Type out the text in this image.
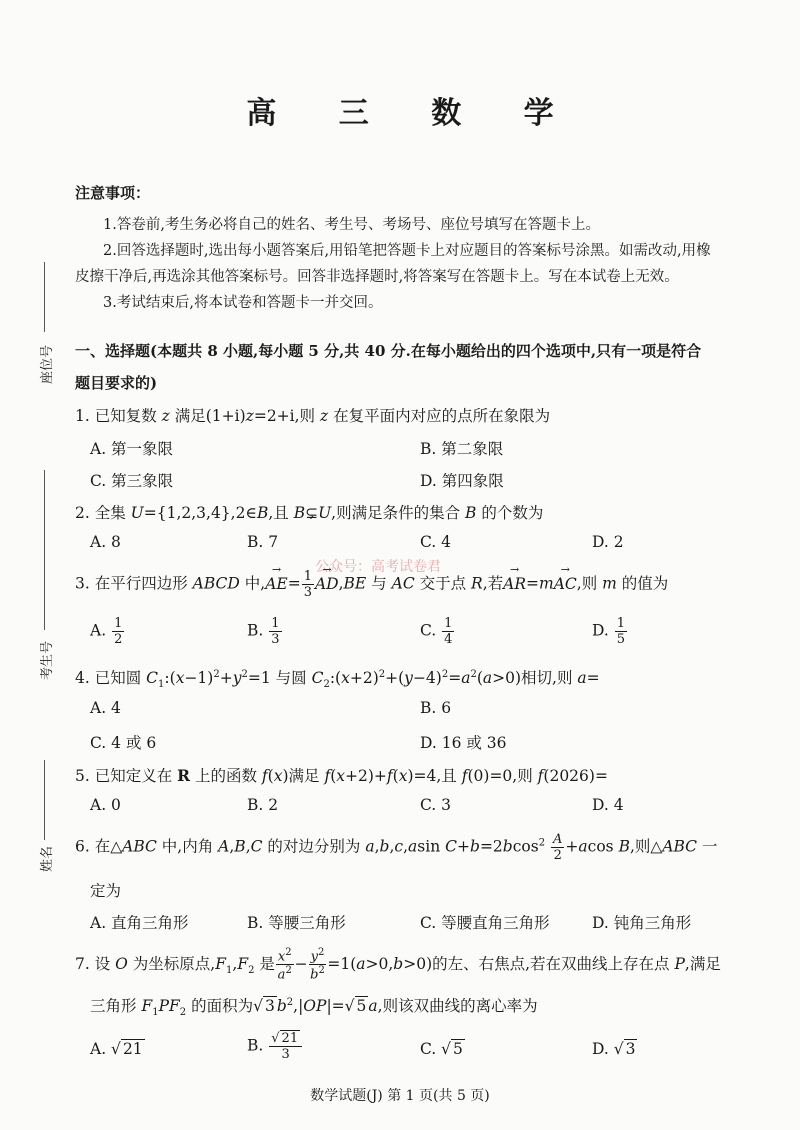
高 三 数 学
注意事项：
1.答卷前,考生务必将自己的姓名、考生号、考场号、座位号填写在答题卡上。
2.回答选择题时,选出每小题答案后,用铅笔把答题卡上对应题目的答案标号涂黑。如需改动,用橡
皮擦干净后,再选涂其他答案标号。回答非选择题时,将答案写在答题卡上。写在本试卷上无效。
3.考试结束后,将本试卷和答题卡一并交回。
座位号
考生号
姓名
一、选择题(本题共 8 小题,每小题 5 分,共 40 分.在每小题给出的四个选项中,只有一项是符合
题目要求的)
1. 已知复数 z 满足(1+i)z=2+i,则 z 在复平面内对应的点所在象限为
A. 第一象限	B. 第二象限
C. 第三象限	D. 第四象限
2. 全集 U={1,2,3,4},2∈B,且 B⊊U,则满足条件的集合 B 的个数为
A. 8	B. 7	C. 4	D. 2
公众号：高考试卷君
3. 在平行四边形 ABCD 中,→ $AE= \frac{1}{3}$
→ AD,BE 与 AC 交于点 R,若→ AR=m→ AC,则 m 的值为
A. $\frac{1}{2}$	B. $\frac{1}{3}$	C. $\frac{1}{4}$	D. $\frac{1}{5}$
4. 已知圆 $C_1:(x-1)^2+y^2=1$ 与圆 $C_2:(x+2)^2+(y-4)^2=a^2(a>0)$相切,则 a=
A. 4	B. 6
C. 4 或 6	D. 16 或 36
5. 已知定义在 R 上的函数 f(x)满足 f(x+2)+f(x)=4,且 f(0)=0,则 f(2026)=
A. 0	B. 2	C. 3	D. 4
6. 在△ABC 中,内角 A,B,C 的对边分别为 a,b,c,asin $C+b=2bcos^2 \frac{A}{2} +acos$ B,则△ABC 一
定为
A. 直角三角形	B. 等腰三角形	C. 等腰直角三角形	D. 钝角三角形
7. 设 O 为坐标原点$,F_1,F_2$ 是 $\frac{x^2}{a^2} - \frac{y^2}{b^2} =1(a>0,b>0)$的左、右焦点,若在双曲线上存在点 P,满足
三角形 $F_1PF_2$ 的面积为√ 3 $b^2,|OP|=√$ 5 a,则该双曲线的离心率为
A. √ 21	B. $\frac{√ 21}{3}$	C. √ 5	D. √ 3
数学试题(J) 第 1 页(共 5 页)
